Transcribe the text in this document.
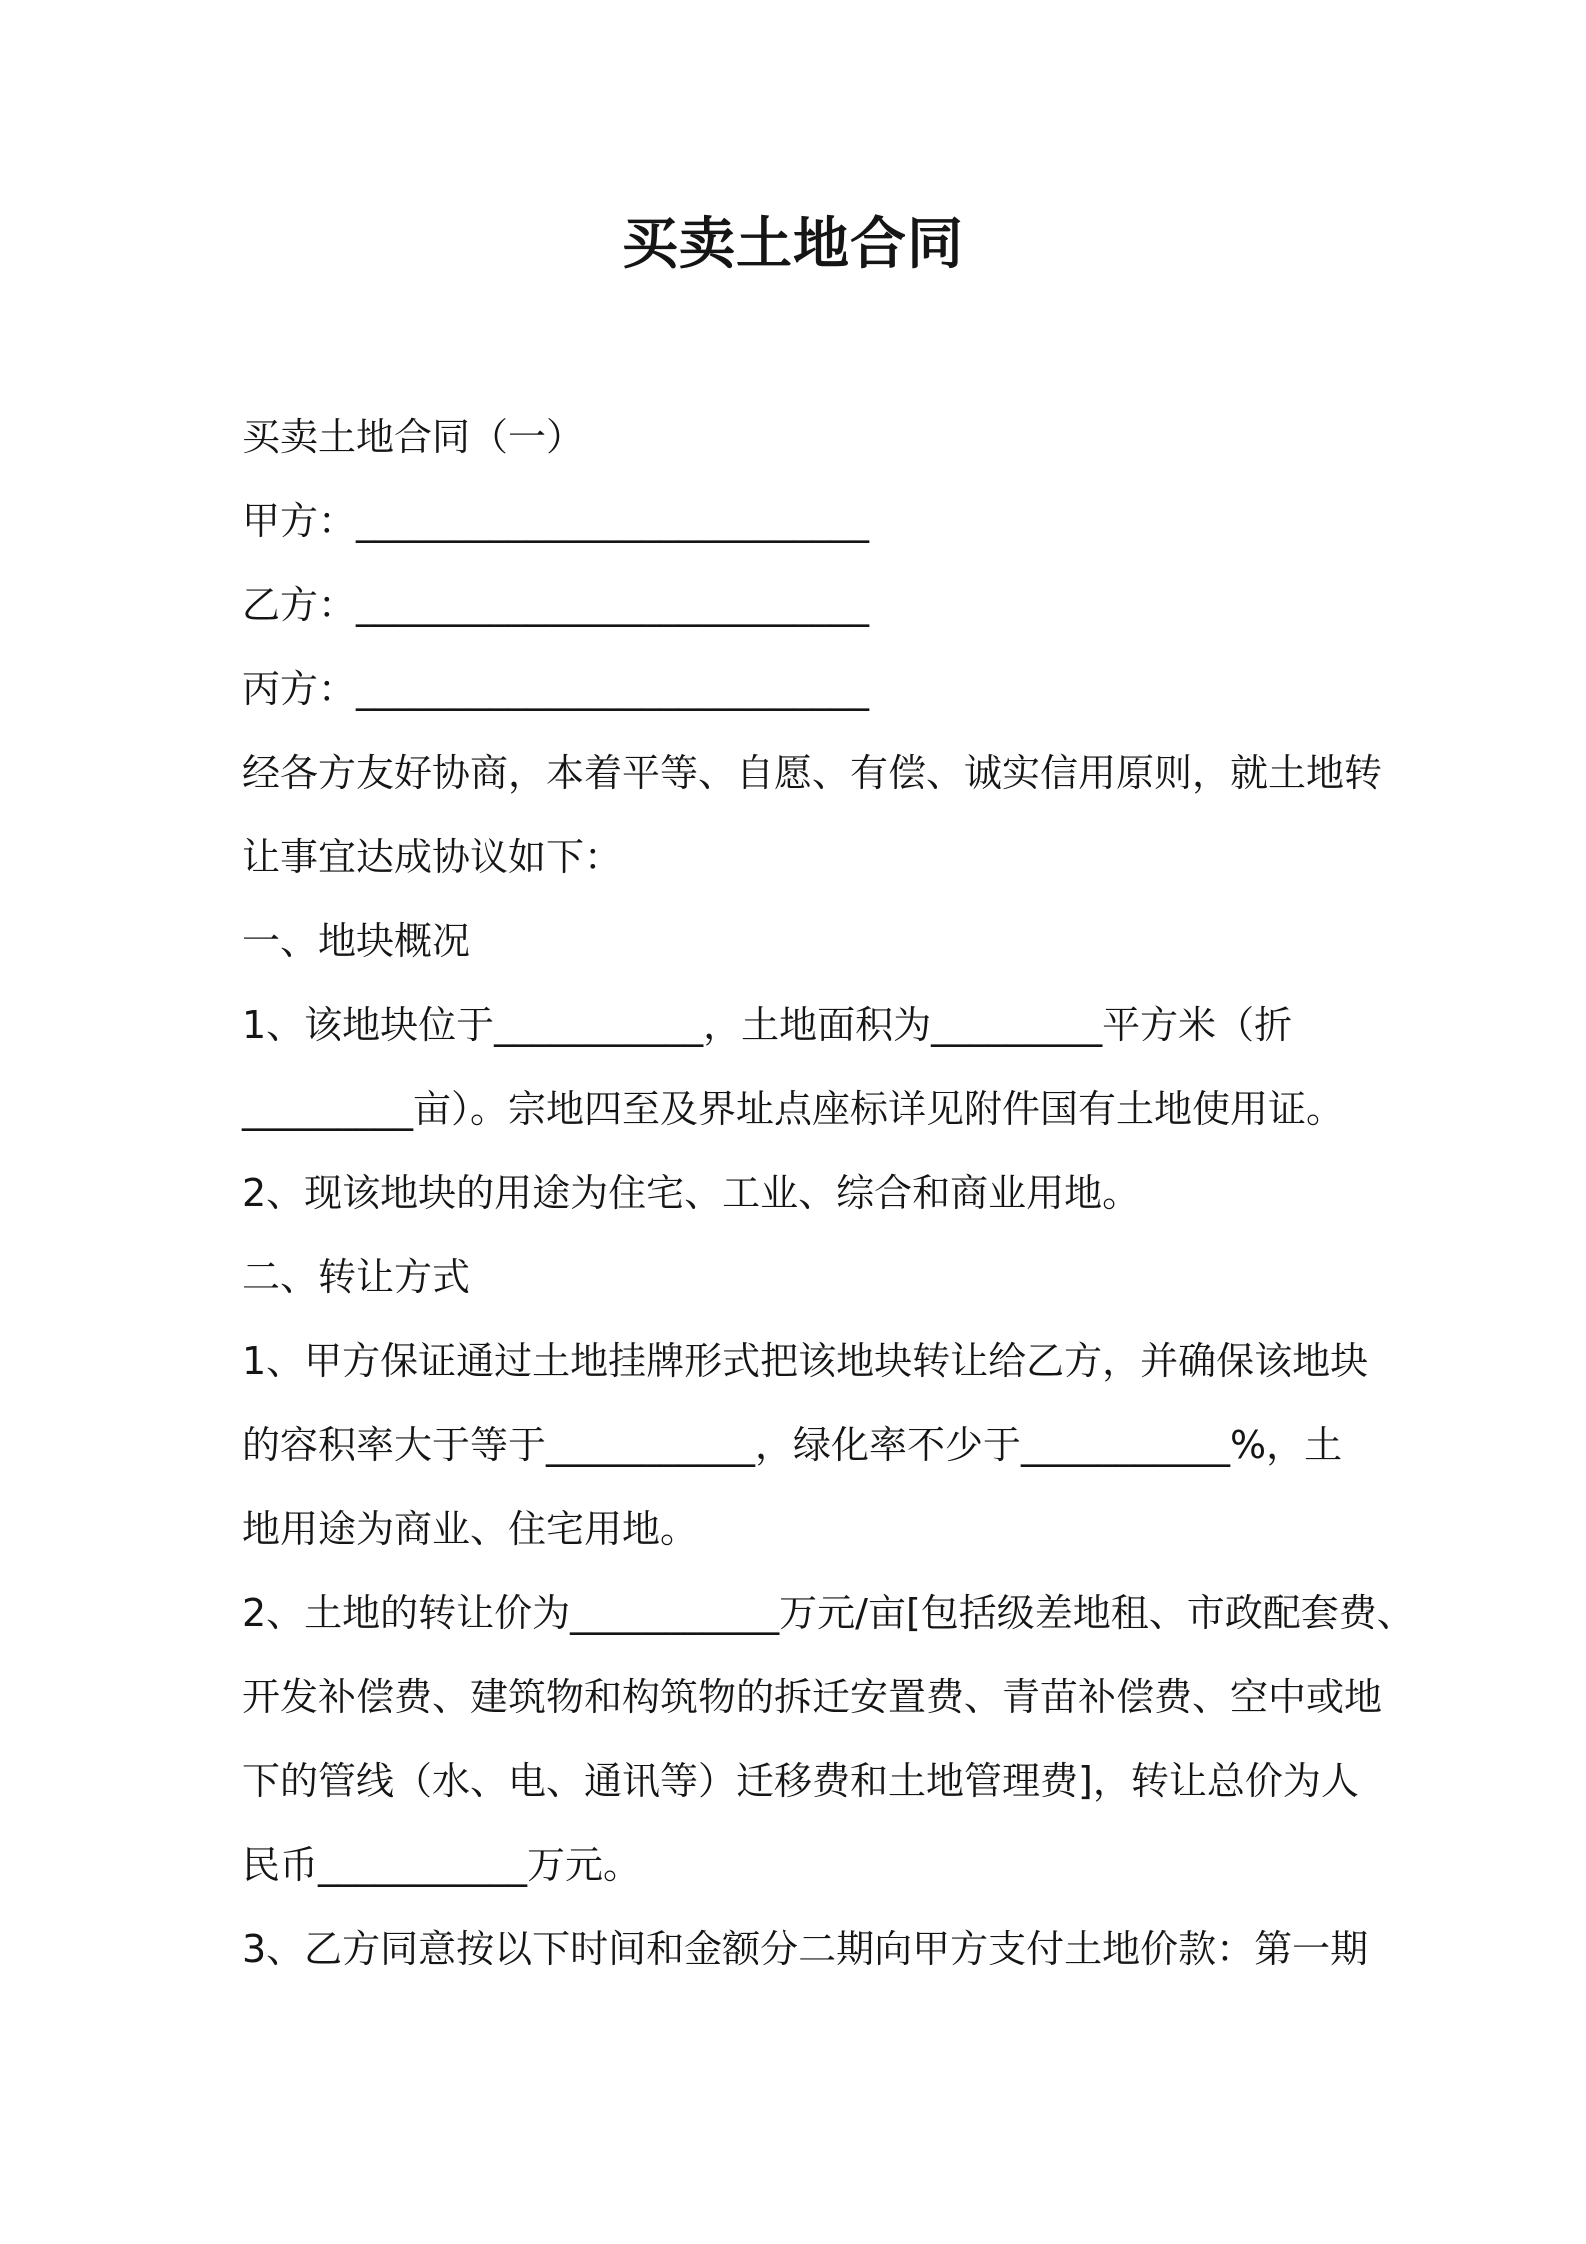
买卖土地合同
买卖土地合同（一）
甲方：___________________________
乙方：___________________________
丙方：___________________________
经各方友好协商，本着平等、自愿、有偿、诚实信用原则，就土地转
让事宜达成协议如下：
一、地块概况
1、该地块位于___________，土地面积为_________平方米（折
_________亩）。宗地四至及界址点座标详见附件国有土地使用证。
2、现该地块的用途为住宅、工业、综合和商业用地。
二、转让方式
1、甲方保证通过土地挂牌形式把该地块转让给乙方，并确保该地块
的容积率大于等于___________，绿化率不少于___________%，土
地用途为商业、住宅用地。
2、土地的转让价为___________万元/亩[包括级差地租、市政配套费、
开发补偿费、建筑物和构筑物的拆迁安置费、青苗补偿费、空中或地
下的管线（水、电、通讯等）迁移费和土地管理费]，转让总价为人
民币___________万元。
3、乙方同意按以下时间和金额分二期向甲方支付土地价款：第一期
